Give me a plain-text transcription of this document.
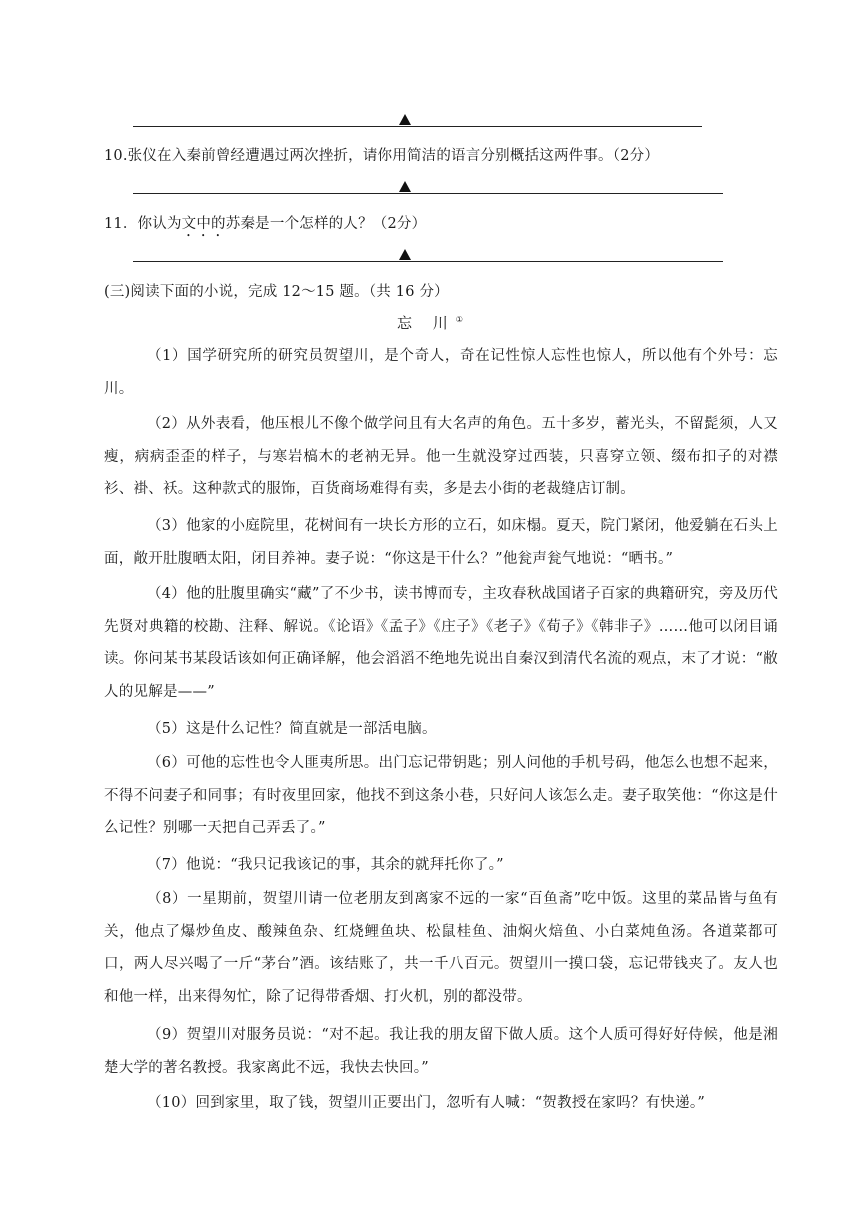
10.张仪在入秦前曾经遭遇过两次挫折，请你用简洁的语言分别概括这两件事。（2分）
11．你认为文中的苏秦是一个怎样的人？（2分）
(三)阅读下面的小说，完成 12～15 题。（共 16 分）
忘 川①
（1）国学研究所的研究员贺望川，是个奇人，奇在记性惊人忘性也惊人，所以他有个外号：忘川。
（2）从外表看，他压根儿不像个做学问且有大名声的角色。五十多岁，蓄光头，不留髭须，人又瘦，病病歪歪的样子，与寒岩槁木的老衲无异。他一生就没穿过西装，只喜穿立领、缀布扣子的对襟衫、褂、袄。这种款式的服饰，百货商场难得有卖，多是去小街的老裁缝店订制。
（3）他家的小庭院里，花树间有一块长方形的立石，如床榻。夏天，院门紧闭，他爱躺在石头上面，敞开肚腹晒太阳，闭目养神。妻子说：“你这是干什么？”他瓮声瓮气地说：“晒书。”
（4）他的肚腹里确实“藏”了不少书，读书博而专，主攻春秋战国诸子百家的典籍研究，旁及历代先贤对典籍的校勘、注释、解说。《论语》《孟子》《庄子》《老子》《荀子》《韩非子》……他可以闭目诵读。你问某书某段话该如何正确译解，他会滔滔不绝地先说出自秦汉到清代名流的观点，末了才说：“敝人的见解是——”
（5）这是什么记性？简直就是一部活电脑。
（6）可他的忘性也令人匪夷所思。出门忘记带钥匙；别人问他的手机号码，他怎么也想不起来，不得不问妻子和同事；有时夜里回家，他找不到这条小巷，只好问人该怎么走。妻子取笑他：“你这是什么记性？别哪一天把自己弄丢了。”
（7）他说：“我只记我该记的事，其余的就拜托你了。”
（8）一星期前，贺望川请一位老朋友到离家不远的一家“百鱼斋”吃中饭。这里的菜品皆与鱼有关，他点了爆炒鱼皮、酸辣鱼杂、红烧鲤鱼块、松鼠桂鱼、油焖火焙鱼、小白菜炖鱼汤。各道菜都可口，两人尽兴喝了一斤“茅台”酒。该结账了，共一千八百元。贺望川一摸口袋，忘记带钱夹了。友人也和他一样，出来得匆忙，除了记得带香烟、打火机，别的都没带。
（9）贺望川对服务员说：“对不起。我让我的朋友留下做人质。这个人质可得好好侍候，他是湘楚大学的著名教授。我家离此不远，我快去快回。”
（10）回到家里，取了钱，贺望川正要出门，忽听有人喊：“贺教授在家吗？有快递。”
